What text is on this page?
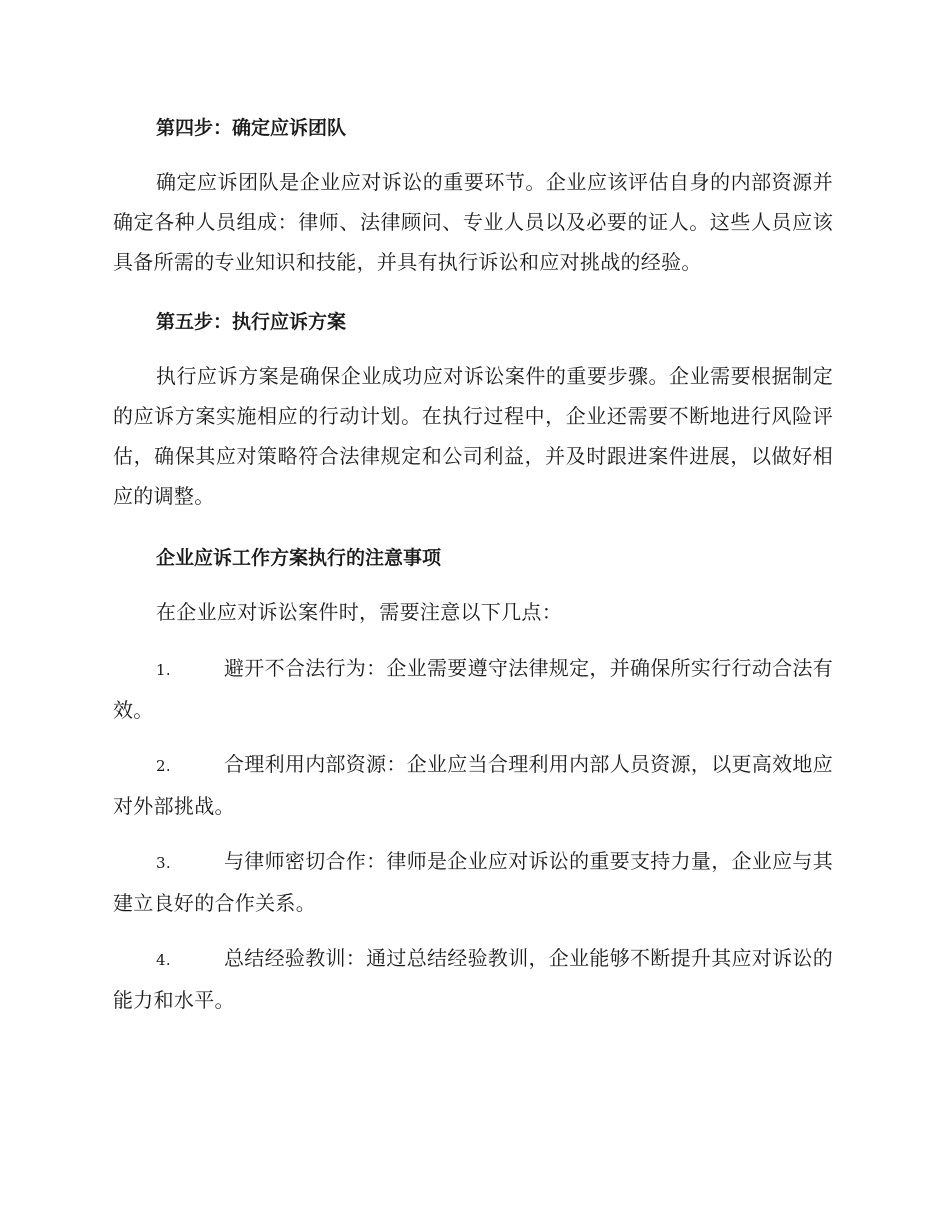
第四步：确定应诉团队

确定应诉团队是企业应对诉讼的重要环节。企业应该评估自身的内部资源并确定各种人员组成：律师、法律顾问、专业人员以及必要的证人。这些人员应该具备所需的专业知识和技能，并具有执行诉讼和应对挑战的经验。

第五步：执行应诉方案

执行应诉方案是确保企业成功应对诉讼案件的重要步骤。企业需要根据制定的应诉方案实施相应的行动计划。在执行过程中，企业还需要不断地进行风险评估，确保其应对策略符合法律规定和公司利益，并及时跟进案件进展，以做好相应的调整。

企业应诉工作方案执行的注意事项

在企业应对诉讼案件时，需要注意以下几点：

1.	避开不合法行为：企业需要遵守法律规定，并确保所实行行动合法有效。
2.	合理利用内部资源：企业应当合理利用内部人员资源，以更高效地应对外部挑战。
3.	与律师密切合作：律师是企业应对诉讼的重要支持力量，企业应与其建立良好的合作关系。
4.	总结经验教训：通过总结经验教训，企业能够不断提升其应对诉讼的能力和水平。
